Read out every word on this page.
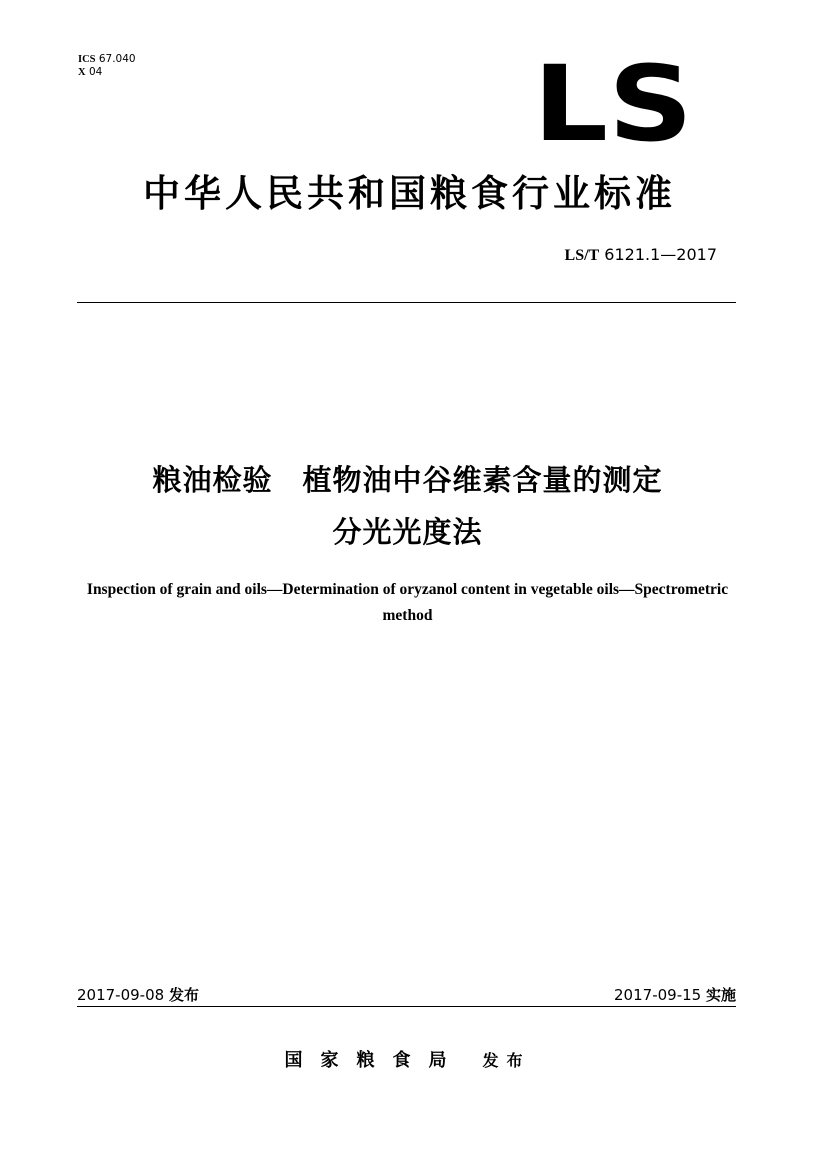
ICS 67.040
X 04	LS
中华人民共和国粮食行业标准
LS/T 6121.1—2017
粮油检验　植物油中谷维素含量的测定
分光光度法
Inspection of grain and oils—Determination of oryzanol content in vegetable oils—Spectrometric method
2017-09-08 发布	2017-09-15 实施
国家粮食局 发布
